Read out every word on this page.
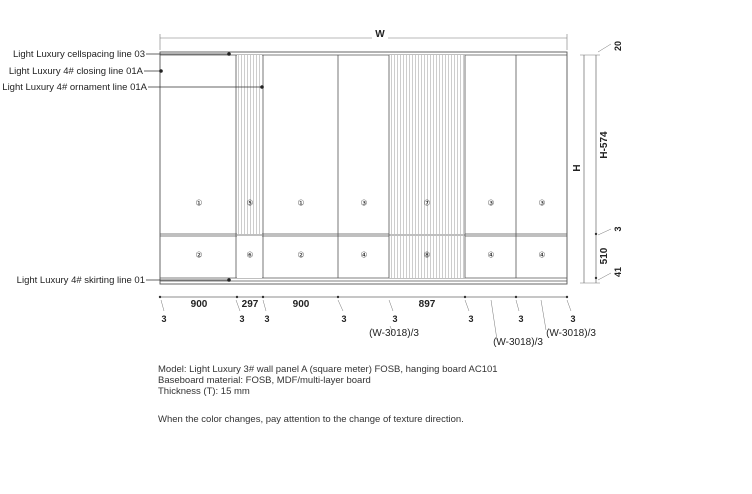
W
①	⑤	①	③	⑦	③	③
②	⑥	②	④	⑧	④	④
Light Luxury cellspacing line 03
Light Luxury 4# closing line 01A
Light Luxury 4# ornament line 01A
Light Luxury 4# skirting line 01
900	297	900	897
3	3 3	3	3	3	3	3
(W-3018)/3
(W-3018)/3
(W-3018)/3
H
20
H-574
3
510
41
Model: Light Luxury 3# wall panel A (square meter) FOSB, hanging board AC101
Baseboard material: FOSB, MDF/multi-layer board
Thickness (T): 15 mm
When the color changes, pay attention to the change of texture direction.
